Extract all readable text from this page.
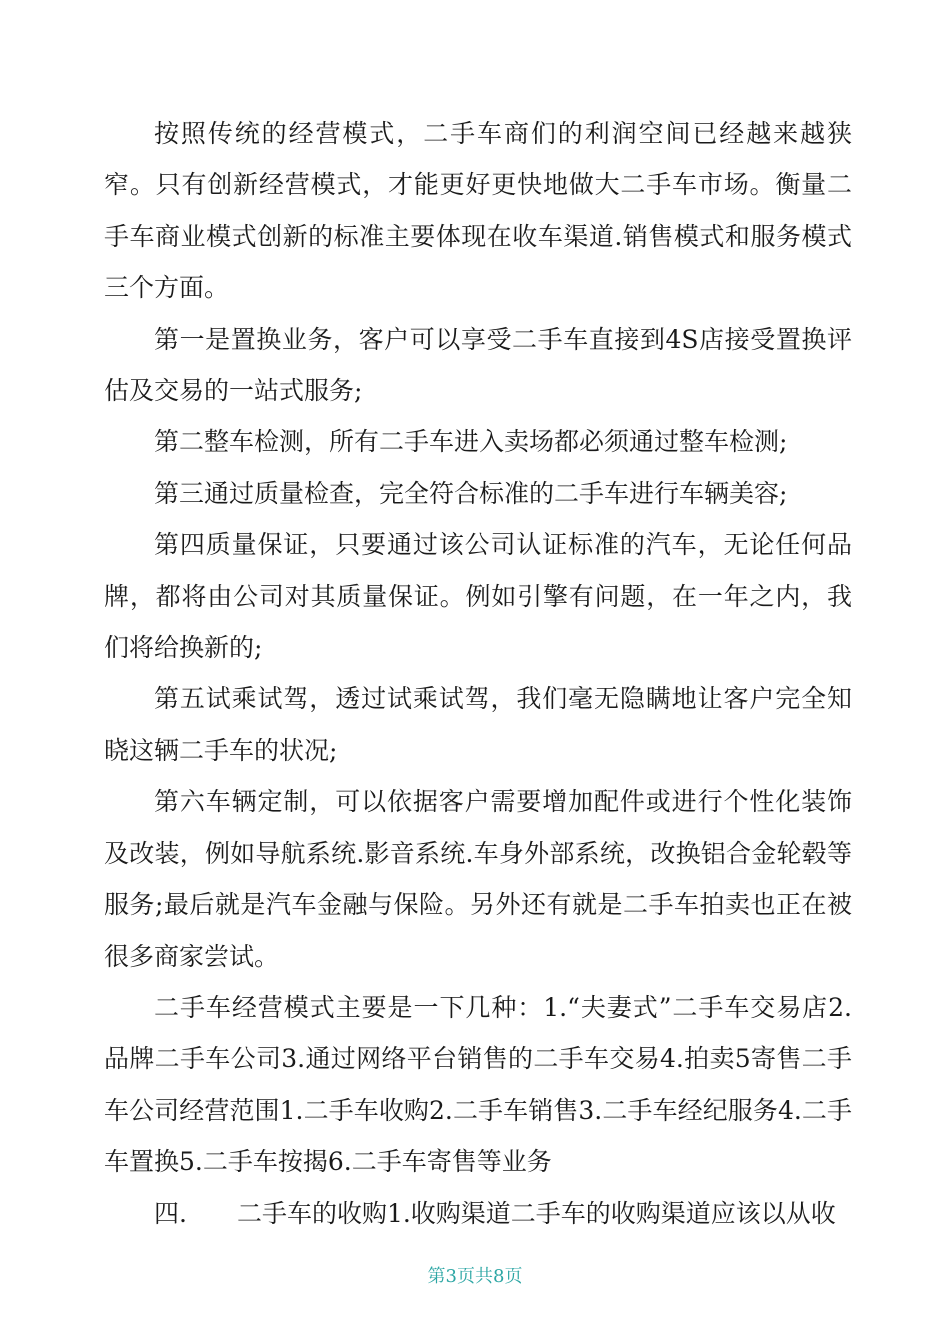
按照传统的经营模式，二手车商们的利润空间已经越来越狭窄。只有创新经营模式，才能更好更快地做大二手车市场。衡量二手车商业模式创新的标准主要体现在收车渠道.销售模式和服务模式三个方面。

第一是置换业务，客户可以享受二手车直接到4S店接受置换评估及交易的一站式服务;

第二整车检测，所有二手车进入卖场都必须通过整车检测;

第三通过质量检查，完全符合标准的二手车进行车辆美容;

第四质量保证，只要通过该公司认证标准的汽车，无论任何品牌，都将由公司对其质量保证。例如引擎有问题，在一年之内，我们将给换新的;

第五试乘试驾，透过试乘试驾，我们毫无隐瞒地让客户完全知晓这辆二手车的状况;

第六车辆定制，可以依据客户需要增加配件或进行个性化装饰及改装，例如导航系统.影音系统.车身外部系统，改换铝合金轮毂等服务;最后就是汽车金融与保险。另外还有就是二手车拍卖也正在被很多商家尝试。

二手车经营模式主要是一下几种：1.“夫妻式”二手车交易店2.品牌二手车公司3.通过网络平台销售的二手车交易4.拍卖5寄售二手车公司经营范围1.二手车收购2.二手车销售3.二手车经纪服务4.二手车置换5.二手车按揭6.二手车寄售等业务

四.　　二手车的收购1.收购渠道二手车的收购渠道应该以从收

第3页共8页
